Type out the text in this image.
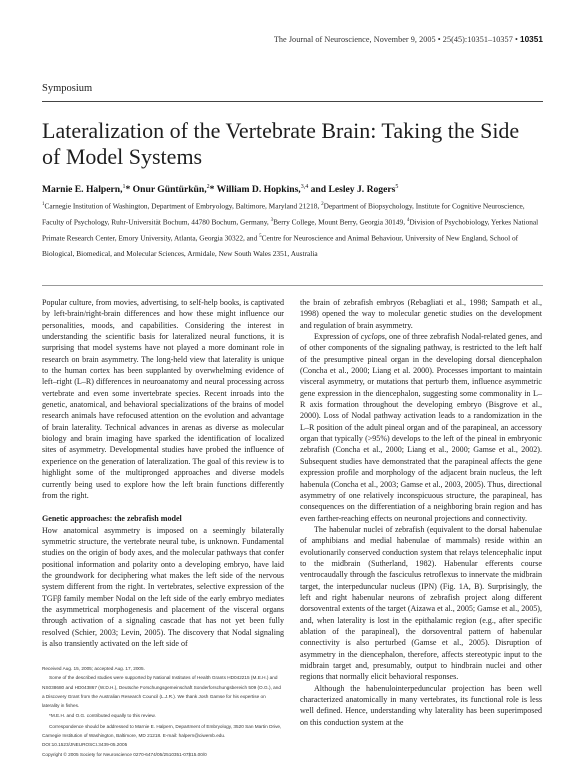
The Journal of Neuroscience, November 9, 2005 • 25(45):10351–10357 • 10351
Symposium
Lateralization of the Vertebrate Brain: Taking the Side of Model Systems
Marnie E. Halpern,$^1$* Onur Güntürkün,$^2$* William D. Hopkins,$^{3,4}$ and Lesley J. Rogers$^5$
$^1$Carnegie Institution of Washington, Department of Embryology, Baltimore, Maryland 21218, $^2$Department of Biopsychology, Institute for Cognitive Neuroscience, Faculty of Psychology, Ruhr-Universität Bochum, 44780 Bochum, Germany, $^3$Berry College, Mount Berry, Georgia 30149, $^4$Division of Psychobiology, Yerkes National Primate Research Center, Emory University, Atlanta, Georgia 30322, and $^5$Centre for Neuroscience and Animal Behaviour, University of New England, School of Biological, Biomedical, and Molecular Sciences, Armidale, New South Wales 2351, Australia

Popular culture, from movies, advertising, to self-help books, is captivated by left-brain/right-brain differences and how these might influence our personalities, moods, and capabilities. Considering the interest in understanding the scientific basis for lateralized neural functions, it is surprising that model systems have not played a more dominant role in research on brain asymmetry. The long-held view that laterality is unique to the human cortex has been supplanted by overwhelming evidence of left–right (L–R) differences in neuroanatomy and neural processing across vertebrate and even some invertebrate species. Recent inroads into the genetic, anatomical, and behavioral specializations of the brains of model research animals have refocused attention on the evolution and advantage of brain laterality. Technical advances in arenas as diverse as molecular biology and brain imaging have sparked the identification of localized sites of asymmetry. Developmental studies have probed the influence of experience on the generation of lateralization. The goal of this review is to highlight some of the multipronged approaches and diverse models currently being used to explore how the left brain functions differently from the right.

Genetic approaches: the zebrafish model

How anatomical asymmetry is imposed on a seemingly bilaterally symmetric structure, the vertebrate neural tube, is unknown. Fundamental studies on the origin of body axes, and the molecular pathways that confer positional information and polarity onto a developing embryo, have laid the groundwork for deciphering what makes the left side of the nervous system different from the right. In vertebrates, selective expression of the TGFβ family member Nodal on the left side of the early embryo mediates the asymmetrical morphogenesis and placement of the visceral organs through activation of a signaling cascade that has not yet been fully resolved (Schier, 2003; Levin, 2005). The discovery that Nodal signaling is also transiently activated on the left side of

the brain of zebrafish embryos (Rebagliati et al., 1998; Sampath et al., 1998) opened the way to molecular genetic studies on the development and regulation of brain asymmetry.

Expression of cyclops, one of three zebrafish Nodal-related genes, and of other components of the signaling pathway, is restricted to the left half of the presumptive pineal organ in the developing dorsal diencephalon (Concha et al., 2000; Liang et al. 2000). Processes important to maintain visceral asymmetry, or mutations that perturb them, influence asymmetric gene expression in the diencephalon, suggesting some commonality in L–R axis formation throughout the developing embryo (Bisgrove et al., 2000). Loss of Nodal pathway activation leads to a randomization in the L–R position of the adult pineal organ and of the parapineal, an accessory organ that typically (>95%) develops to the left of the pineal in embryonic zebrafish (Concha et al., 2000; Liang et al., 2000; Gamse et al., 2002). Subsequent studies have demonstrated that the parapineal affects the gene expression profile and morphology of the adjacent brain nucleus, the left habenula (Concha et al., 2003; Gamse et al., 2003, 2005). Thus, directional asymmetry of one relatively inconspicuous structure, the parapineal, has consequences on the differentiation of a neighboring brain region and has even farther-reaching effects on neuronal projections and connectivity.

The habenular nuclei of zebrafish (equivalent to the dorsal habenulae of amphibians and medial habenulae of mammals) reside within an evolutionarily conserved conduction system that relays telencephalic input to the midbrain (Sutherland, 1982). Habenular efferents course ventrocaudally through the fasciculus retroflexus to innervate the midbrain target, the interpeduncular nucleus (IPN) (Fig. 1A, B). Surprisingly, the left and right habenular neurons of zebrafish project along different dorsoventral extents of the target (Aizawa et al., 2005; Gamse et al., 2005), and, when laterality is lost in the epithalamic region (e.g., after specific ablation of the parapineal), the dorsoventral pattern of habenular connectivity is also perturbed (Gamse et al., 2005). Disruption of asymmetry in the diencephalon, therefore, affects stereotypic input to the midbrain target and, presumably, output to hindbrain nuclei and other regions that normally elicit behavioral responses.

Although the habenulointerpeduncular projection has been well characterized anatomically in many vertebrates, its functional role is less well defined. Hence, understanding why laterality has been superimposed on this conduction system at the

Received Aug. 15, 2005; accepted Aug. 17, 2005.

Some of the described studies were supported by National Institutes of Health Grants HD042215 (M.E.H.) and NS038680 and HD043867 (W.D.H.), Deutsche Forschungsgemeinschaft Sonderforschungsbereich 509 (O.G.), and a Discovery Grant from the Australian Research Council (L.J.R.). We thank Josh Gamse for his expertise on laterality in fishes.

*M.E.H. and O.G. contributed equally to this review.

Correspondence should be addressed to Marnie E. Halpern, Department of Embryology, 3520 San Martin Drive, Carnegie Institution of Washington, Baltimore, MD 21218. E-mail: halpern@ciwemb.edu.

DOI:10.1523/JNEUROSCI.3439-05.2005

Copyright © 2005 Society for Neuroscience 0270-6474/05/2510351-07$15.00/0
